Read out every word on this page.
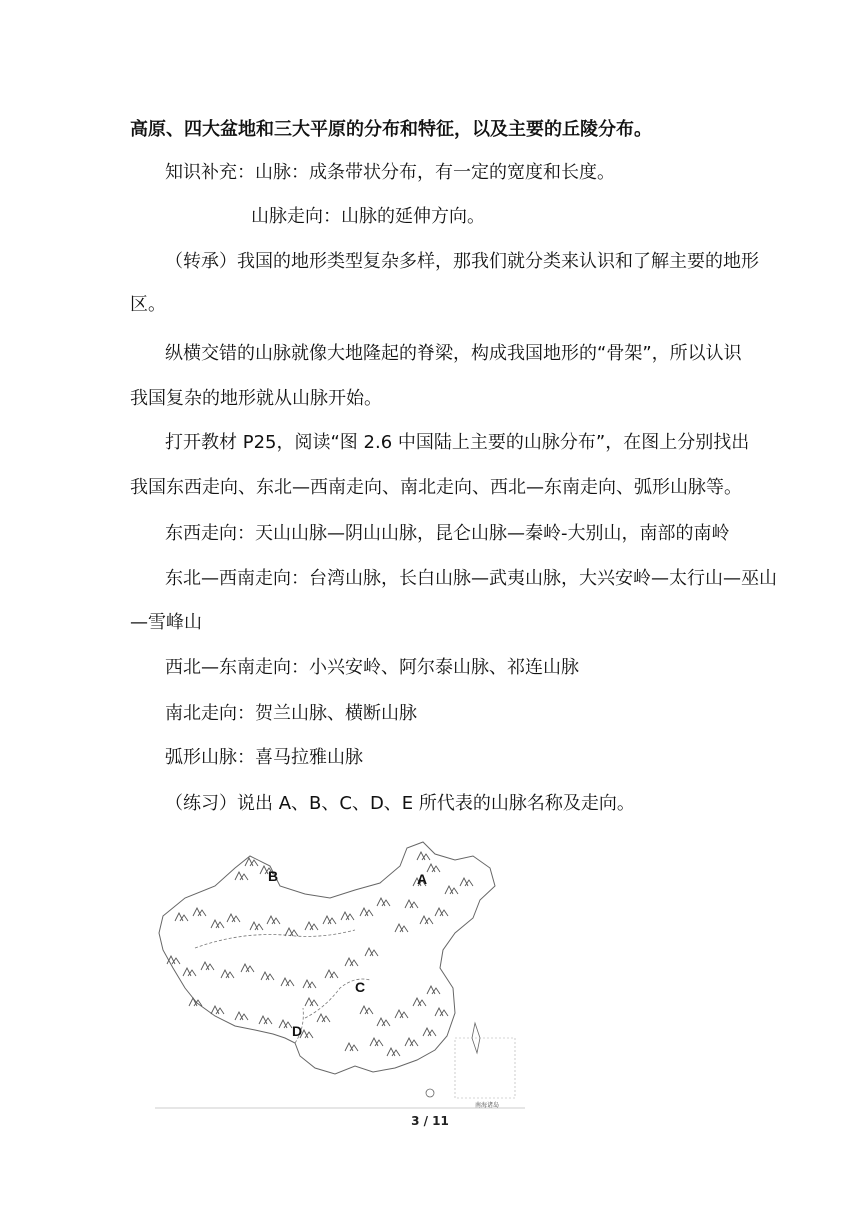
高原、四大盆地和三大平原的分布和特征，以及主要的丘陵分布。
知识补充：山脉：成条带状分布，有一定的宽度和长度。
山脉走向：山脉的延伸方向。
（转承）我国的地形类型复杂多样，那我们就分类来认识和了解主要的地形
区。
纵横交错的山脉就像大地隆起的脊梁，构成我国地形的“骨架”，所以认识
我国复杂的地形就从山脉开始。
打开教材 P25，阅读“图 2.6 中国陆上主要的山脉分布”，在图上分别找出
我国东西走向、东北—西南走向、南北走向、西北—东南走向、弧形山脉等。
东西走向：天山山脉—阴山山脉，昆仑山脉—秦岭-大别山，南部的南岭
东北—西南走向：台湾山脉，长白山脉—武夷山脉，大兴安岭—太行山—巫山
—雪峰山
西北—东南走向：小兴安岭、阿尔泰山脉、祁连山脉
南北走向：贺兰山脉、横断山脉
弧形山脉：喜马拉雅山脉
（练习）说出 A、B、C、D、E 所代表的山脉名称及走向。
A
B
C
D
南海诸岛
3 / 11
